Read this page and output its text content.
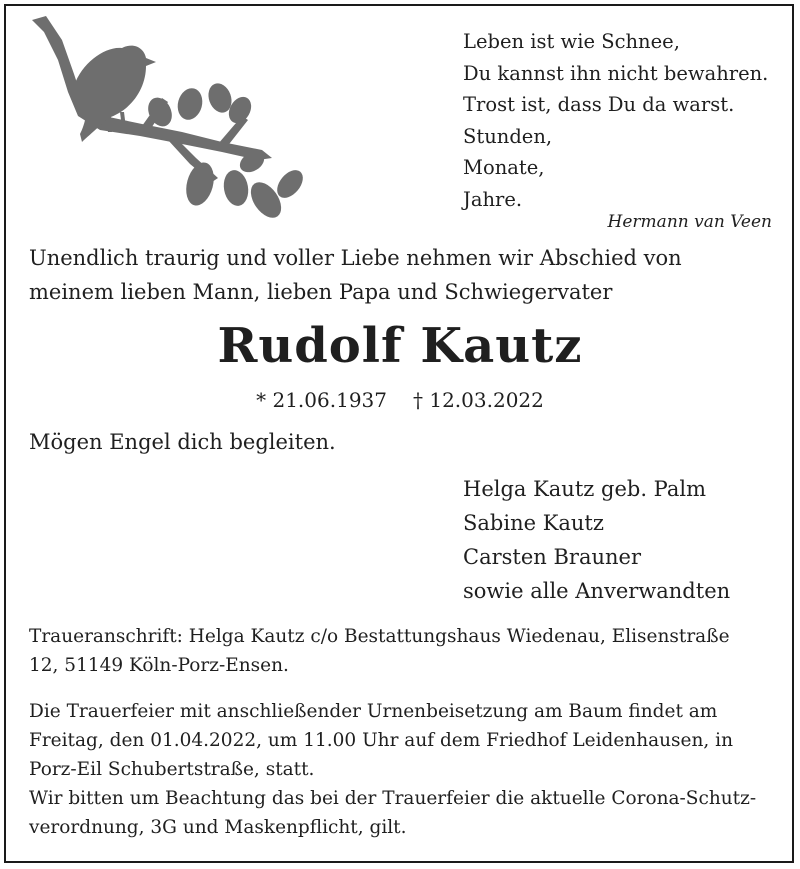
Leben ist wie Schnee,
Du kannst ihn nicht bewahren.
Trost ist, dass Du da warst.
Stunden,
Monate,
Jahre.
Hermann van Veen
Unendlich traurig und voller Liebe nehmen wir Abschied von
meinem lieben Mann, lieben Papa und Schwiegervater
Rudolf Kautz
* 21.06.1937 † 12.03.2022
Mögen Engel dich begleiten.
Helga Kautz geb. Palm
Sabine Kautz
Carsten Brauner
sowie alle Anverwandten
Traueranschrift: Helga Kautz c/o Bestattungshaus Wiedenau, Elisenstraße
12, 51149 Köln-Porz-Ensen.
Die Trauerfeier mit anschließender Urnenbeisetzung am Baum findet am
Freitag, den 01.04.2022, um 11.00 Uhr auf dem Friedhof Leidenhausen, in
Porz-Eil Schubertstraße, statt.
Wir bitten um Beachtung das bei der Trauerfeier die aktuelle Corona-Schutz-
verordnung, 3G und Maskenpflicht, gilt.
